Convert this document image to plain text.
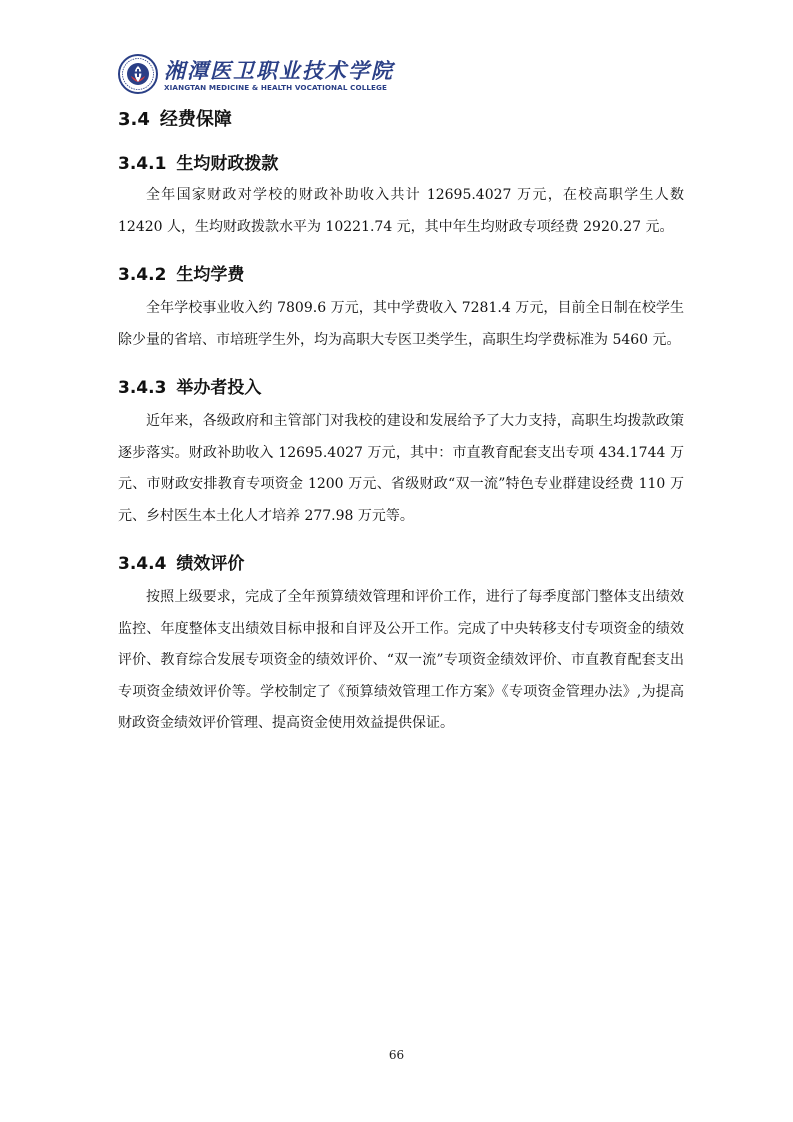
湘潭医卫职业技术学院
XIANGTAN MEDICINE & HEALTH VOCATIONAL COLLEGE
3.4 经费保障
3.4.1 生均财政拨款

全年国家财政对学校的财政补助收入共计 12695.4027 万元，在校高职学生人数 12420 人，生均财政拨款水平为 10221.74 元，其中年生均财政专项经费 2920.27 元。

3.4.2 生均学费

全年学校事业收入约 7809.6 万元，其中学费收入 7281.4 万元，目前全日制在校学生除少量的省培、市培班学生外，均为高职大专医卫类学生，高职生均学费标准为 5460 元。

3.4.3 举办者投入

近年来，各级政府和主管部门对我校的建设和发展给予了大力支持，高职生均拨款政策逐步落实。财政补助收入 12695.4027 万元，其中：市直教育配套支出专项 434.1744 万元、市财政安排教育专项资金 1200 万元、省级财政“双一流”特色专业群建设经费 110 万元、乡村医生本土化人才培养 277.98 万元等。

3.4.4 绩效评价

按照上级要求，完成了全年预算绩效管理和评价工作，进行了每季度部门整体支出绩效监控、年度整体支出绩效目标申报和自评及公开工作。完成了中央转移支付专项资金的绩效评价、教育综合发展专项资金的绩效评价、“双一流”专项资金绩效评价、市直教育配套支出专项资金绩效评价等。学校制定了《预算绩效管理工作方案》《专项资金管理办法》,为提高财政资金绩效评价管理、提高资金使用效益提供保证。

66
